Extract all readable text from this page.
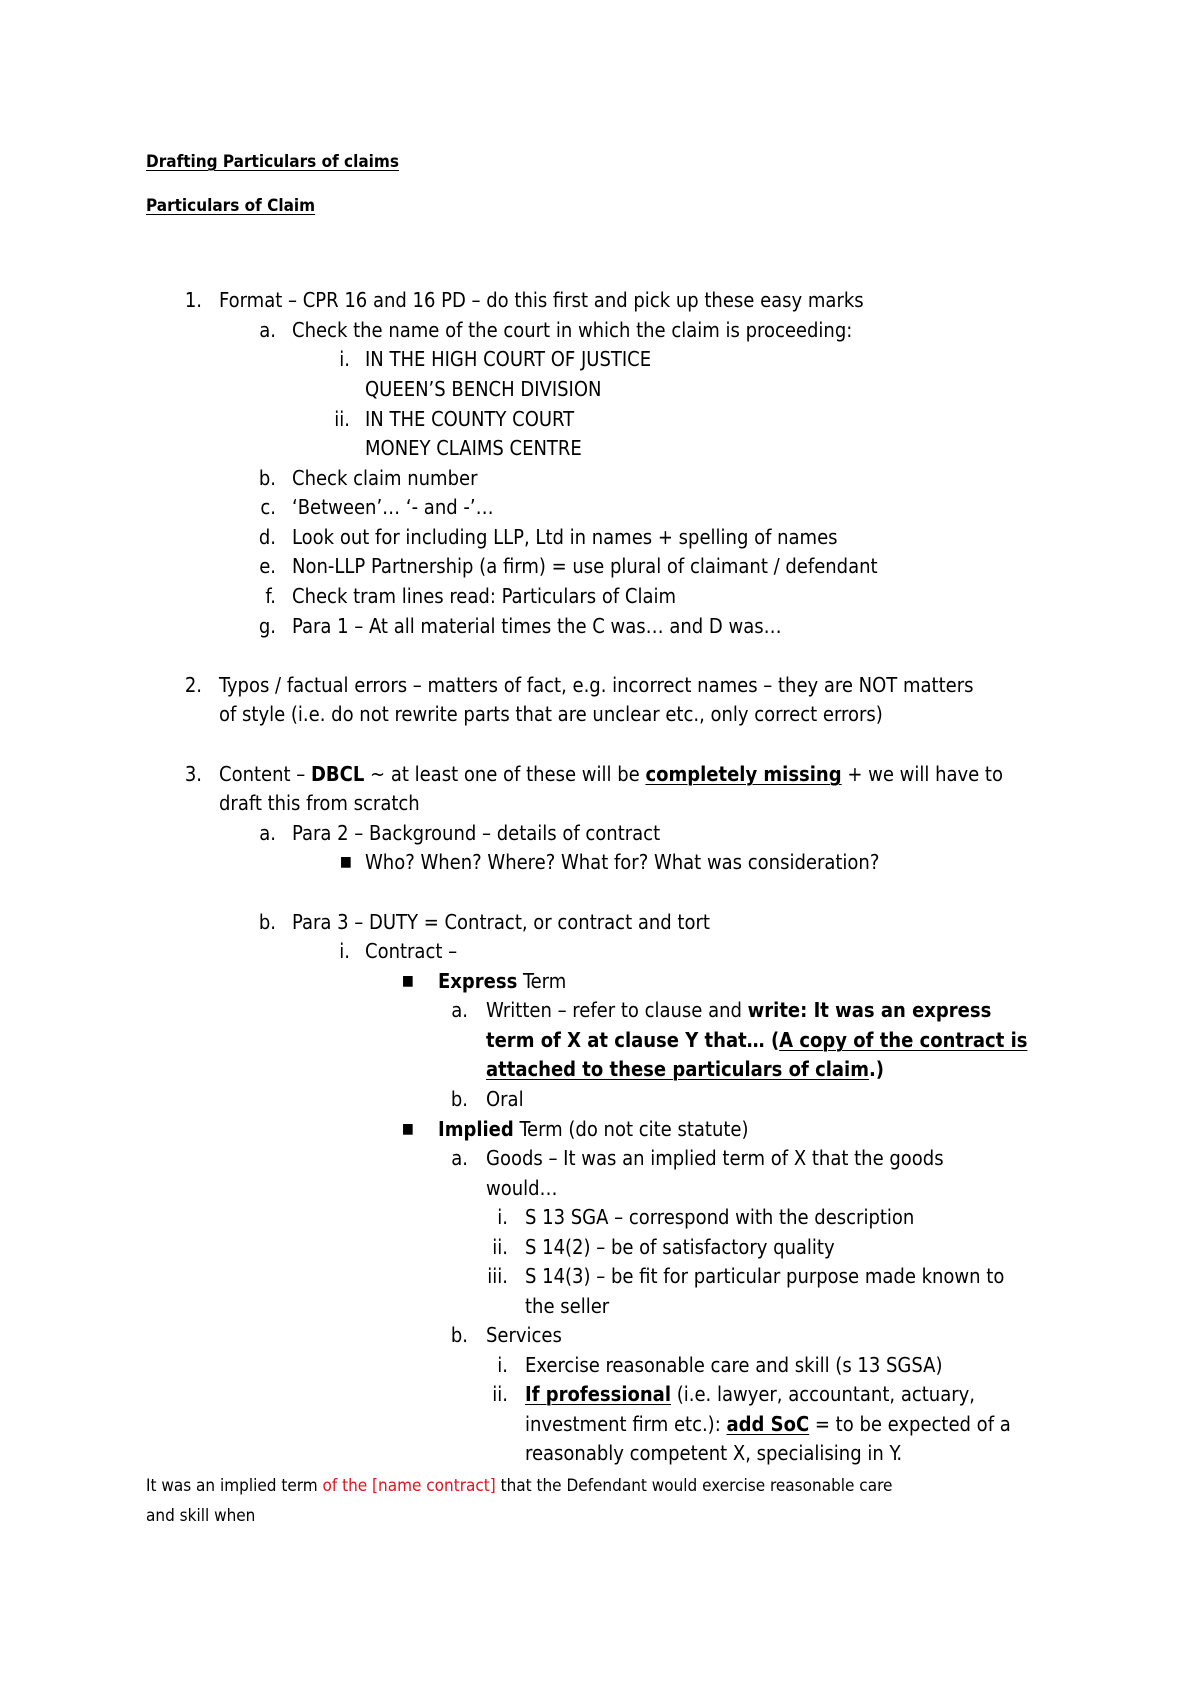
Drafting Particulars of claims
Particulars of Claim
1. Format – CPR 16 and 16 PD – do this first and pick up these easy marks
a. Check the name of the court in which the claim is proceeding:
i. IN THE HIGH COURT OF JUSTICE
QUEEN’S BENCH DIVISION
ii. IN THE COUNTY COURT
MONEY CLAIMS CENTRE
b. Check claim number
c. ‘Between’… ‘- and -’…
d. Look out for including LLP, Ltd in names + spelling of names
e. Non-LLP Partnership (a firm) = use plural of claimant / defendant
f. Check tram lines read: Particulars of Claim
g. Para 1 – At all material times the C was… and D was…
2. Typos / factual errors – matters of fact, e.g. incorrect names – they are NOT matters
of style (i.e. do not rewrite parts that are unclear etc., only correct errors)
3. Content – DBCL ~ at least one of these will be completely missing + we will have to
draft this from scratch
a. Para 2 – Background – details of contract
■ Who? When? Where? What for? What was consideration?
b. Para 3 – DUTY = Contract, or contract and tort
i. Contract –
■ Express Term
a. Written – refer to clause and write: It was an express
term of X at clause Y that… (A copy of the contract is
attached to these particulars of claim.)
b. Oral
■ Implied Term (do not cite statute)
a. Goods – It was an implied term of X that the goods
would…
i. S 13 SGA – correspond with the description
ii. S 14(2) – be of satisfactory quality
iii. S 14(3) – be fit for particular purpose made known to
the seller
b. Services
i. Exercise reasonable care and skill (s 13 SGSA)
ii. If professional (i.e. lawyer, accountant, actuary,
investment firm etc.): add SoC = to be expected of a
reasonably competent X, specialising in Y.
It was an implied term of the [name contract] that the Defendant would exercise reasonable care
and skill when
